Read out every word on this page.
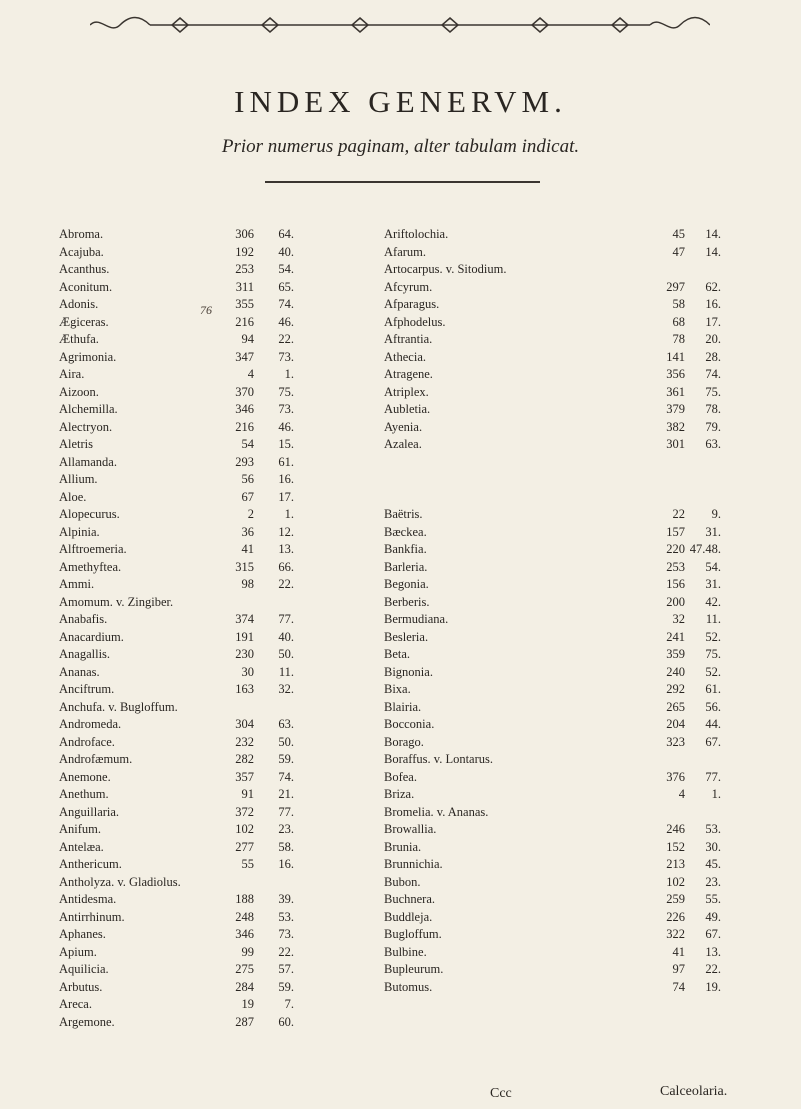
INDEX GENERVM.
Prior numerus paginam, alter tabulam indicat.
76
Abroma.	306 64.
Acajuba.	192 40.
Acanthus.	253 54.
Aconitum.	311 65.
Adonis.	355 74.
Ægiceras.	216 46.
Æthufa.	94 22.
Agrimonia.	347 73.
Aira.	4 1.
Aizoon.	370 75.
Alchemilla.	346 73.
Alectryon.	216 46.
Aletris	54 15.
Allamanda.	293 61.
Allium.	56 16.
Aloe.	67 17.
Alopecurus.	2 1.
Alpinia.	36 12.
Alftroemeria.	41 13.
Amethyftea.	315 66.
Ammi.	98 22.
Amomum. v. Zingiber.
Anabafis.	374 77.
Anacardium.	191 40.
Anagallis.	230 50.
Ananas.	30 11.
Anciftrum.	163 32.
Anchufa. v. Bugloffum.
Andromeda.	304 63.
Androface.	232 50.
Androfæmum.	282 59.
Anemone.	357 74.
Anethum.	91 21.
Anguillaria.	372 77.
Anifum.	102 23.
Antelæa.	277 58.
Anthericum.	55 16.
Antholyza. v. Gladiolus.
Antidesma.	188 39.
Antirrhinum.	248 53.
Aphanes.	346 73.
Apium.	99 22.
Aquilicia.	275 57.
Arbutus.	284 59.
Areca.	19 7.
Argemone.	287 60.
Ariftolochia.	45 14.
Afarum.	47 14.
Artocarpus. v. Sitodium.
Afcyrum.	297 62.
Afparagus.	58 16.
Afphodelus.	68 17.
Aftrantia.	78 20.
Athecia.	141 28.
Atragene.	356 74.
Atriplex.	361 75.
Aubletia.	379 78.
Ayenia.	382 79.
Azalea.	301 63.
Baëtris.	22 9.
Bæckea.	157 31.
Bankfia.	220 47.48.
Barleria.	253 54.
Begonia.	156 31.
Berberis.	200 42.
Bermudiana.	32 11.
Besleria.	241 52.
Beta.	359 75.
Bignonia.	240 52.
Bixa.	292 61.
Blairia.	265 56.
Bocconia.	204 44.
Borago.	323 67.
Boraffus. v. Lontarus.
Bofea.	376 77.
Briza.	4 1.
Bromelia. v. Ananas.
Browallia.	246 53.
Brunia.	152 30.
Brunnichia.	213 45.
Bubon.	102 23.
Buchnera.	259 55.
Buddleja.	226 49.
Bugloffum.	322 67.
Bulbine.	41 13.
Bupleurum.	97 22.
Butomus.	74 19.
Ccc	Calceolaria.
